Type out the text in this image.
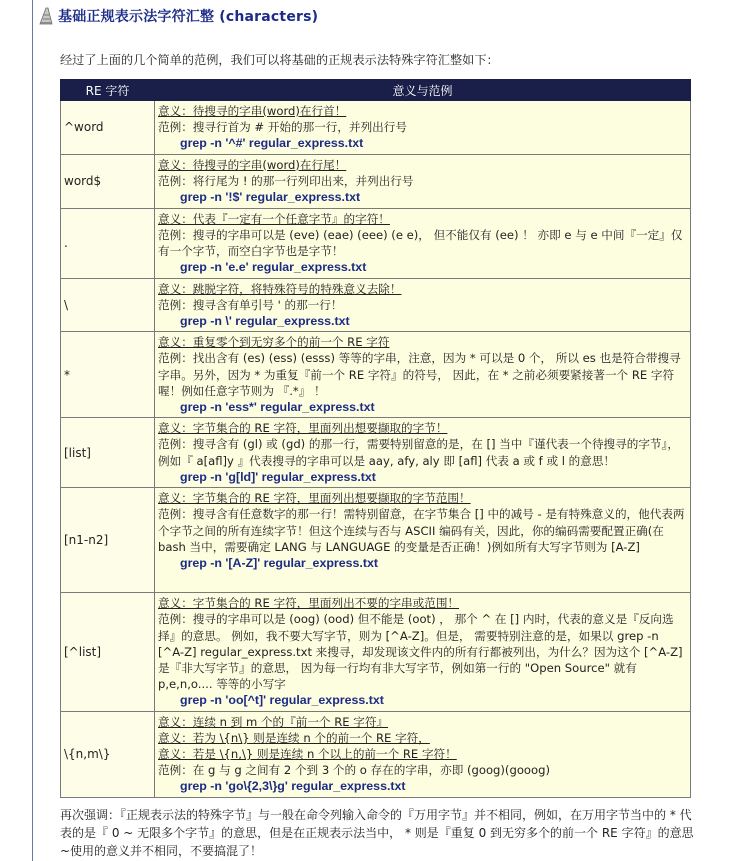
基础正规表示法字符汇整 (characters)
经过了上面的几个简单的范例，我们可以将基础的正规表示法特殊字符汇整如下：
RE 字符	意义与范例
^word	意义：待搜寻的字串(word)在行首！
范例：搜寻行首为 # 开始的那一行，并列出行号
grep -n '^#' regular_express.txt

word$	意义：待搜寻的字串(word)在行尾！
范例：将行尾为 ! 的那一行列印出来，并列出行号
grep -n '!$' regular_express.txt

.	意义：代表『一定有一个任意字节』的字符！
范例：搜寻的字串可以是 (eve) (eae) (eee) (e e)， 但不能仅有 (ee) ！ 亦即 e 与 e 中间『一定』仅有一个字节，而空白字节也是字节！
grep -n 'e.e' regular_express.txt

\	意义：跳脱字符，将特殊符号的特殊意义去除！
范例：搜寻含有单引号 ' 的那一行！
grep -n \' regular_express.txt

*	意义：重复零个到无穷多个的前一个 RE 字符
范例：找出含有 (es) (ess) (esss) 等等的字串，注意，因为 * 可以是 0 个， 所以 es 也是符合带搜寻字串。另外，因为 * 为重复『前一个 RE 字符』的符号， 因此，在 * 之前必须要紧接著一个 RE 字符喔！例如任意字节则为 『.*』 ！
grep -n 'ess*' regular_express.txt

[list]	意义：字节集合的 RE 字符，里面列出想要撷取的字节！
范例：搜寻含有 (gl) 或 (gd) 的那一行，需要特别留意的是，在 [] 当中『谨代表一个待搜寻的字节』， 例如『 a[afl]y 』代表搜寻的字串可以是 aay, afy, aly 即 [afl] 代表 a 或 f 或 l 的意思！
grep -n 'g[ld]' regular_express.txt

[n1-n2]	意义：字节集合的 RE 字符，里面列出想要撷取的字节范围！
范例：搜寻含有任意数字的那一行！需特别留意，在字节集合 [] 中的减号 - 是有特殊意义的，他代表两个字节之间的所有连续字节！但这个连续与否与 ASCII 编码有关，因此，你的编码需要配置正确(在 bash 当中，需要确定 LANG 与 LANGUAGE 的变量是否正确！)例如所有大写字节则为 [A-Z]
grep -n '[A-Z]' regular_express.txt

[^list]	意义：字节集合的 RE 字符，里面列出不要的字串或范围！
范例：搜寻的字串可以是 (oog) (ood) 但不能是 (oot) ， 那个 ^ 在 [] 内时，代表的意义是『反向选择』的意思。 例如，我不要大写字节，则为 [^A-Z]。但是， 需要特别注意的是，如果以 grep -n [^A-Z] regular_express.txt 来搜寻，却发现该文件内的所有行都被列出，为什么？因为这个 [^A-Z] 是『非大写字节』的意思， 因为每一行均有非大写字节，例如第一行的 "Open Source" 就有 p,e,n,o.... 等等的小写字
grep -n 'oo[^t]' regular_express.txt

\{n,m\}	意义：连续 n 到 m 个的『前一个 RE 字符』
意义：若为 \{n\} 则是连续 n 个的前一个 RE 字符，
意义：若是 \{n,\} 则是连续 n 个以上的前一个 RE 字符！
范例：在 g 与 g 之间有 2 个到 3 个的 o 存在的字串，亦即 (goog)(gooog)
grep -n 'go\{2,3\}g' regular_express.txt
再次强调：『正规表示法的特殊字节』与一般在命令列输入命令的『万用字节』并不相同，例如，在万用字节当中的 * 代表的是『 0 ~ 无限多个字节』的意思，但是在正规表示法当中， * 则是『重复 0 到无穷多个的前一个 RE 字符』的意思~使用的意义并不相同，不要搞混了！
